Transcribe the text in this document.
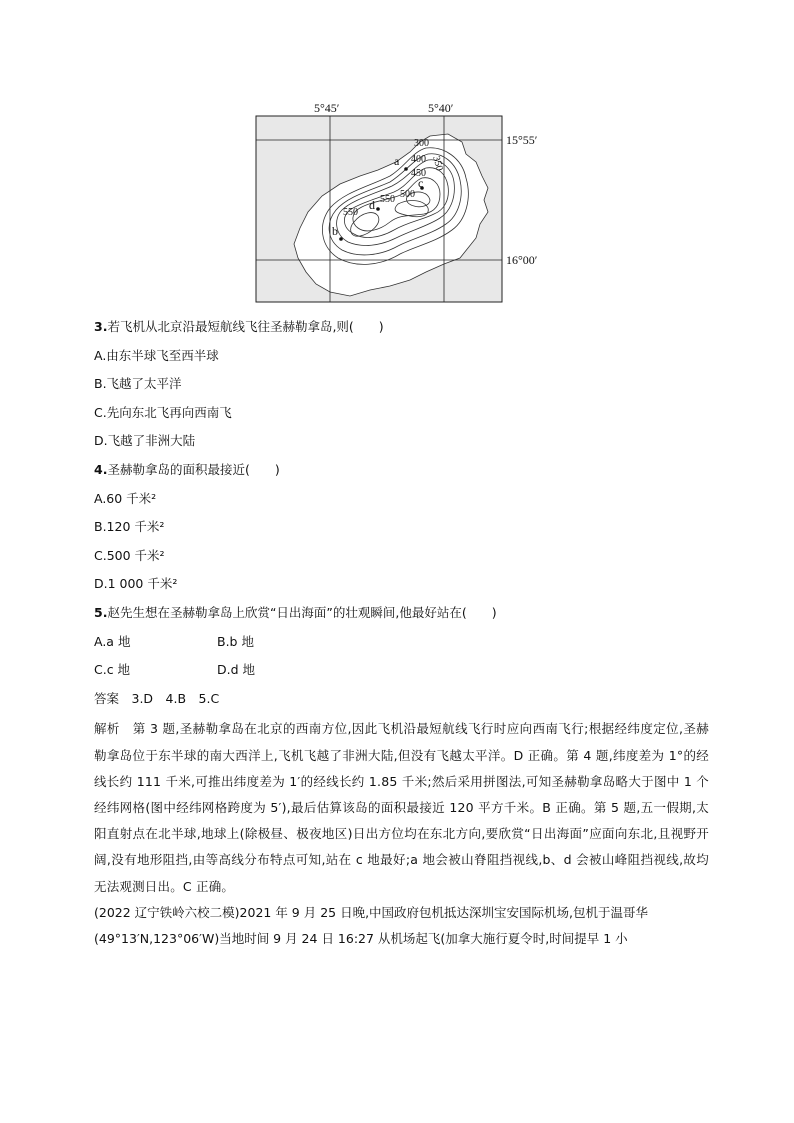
5°45′	5°40′
15°55′
16°00′
300
350
400
450
500
550
550
a
b
c
d
3.若飞机从北京沿最短航线飞往圣赫勒拿岛,则(　　)
A.由东半球飞至西半球
B.飞越了太平洋
C.先向东北飞再向西南飞
D.飞越了非洲大陆
4.圣赫勒拿岛的面积最接近(　　)
A.60 千米²
B.120 千米²
C.500 千米²
D.1 000 千米²
5.赵先生想在圣赫勒拿岛上欣赏“日出海面”的壮观瞬间,他最好站在(　　)
A.a 地	B.b 地
C.c 地	D.d 地
答案　3.D　4.B　5.C
解析　第 3 题,圣赫勒拿岛在北京的西南方位,因此飞机沿最短航线飞行时应向西南飞行;根据经纬度定位,圣赫勒拿岛位于东半球的南大西洋上,飞机飞越了非洲大陆,但没有飞越太平洋。D 正确。第 4 题,纬度差为 1°的经线长约 111 千米,可推出纬度差为 1′的经线长约 1.85 千米;然后采用拼图法,可知圣赫勒拿岛略大于图中 1 个经纬网格(图中经纬网格跨度为 5′),最后估算该岛的面积最接近 120 平方千米。B 正确。第 5 题,五一假期,太阳直射点在北半球,地球上(除极昼、极夜地区)日出方位均在东北方向,要欣赏“日出海面”应面向东北,且视野开阔,没有地形阻挡,由等高线分布特点可知,站在 c 地最好;a 地会被山脊阻挡视线,b、d 会被山峰阻挡视线,故均无法观测日出。C 正确。
(2022 辽宁铁岭六校二模)2021 年 9 月 25 日晚,中国政府包机抵达深圳宝安国际机场,包机于温哥华(49°13′N,123°06′W)当地时间 9 月 24 日 16:27 从机场起飞(加拿大施行夏令时,时间提早 1 小
